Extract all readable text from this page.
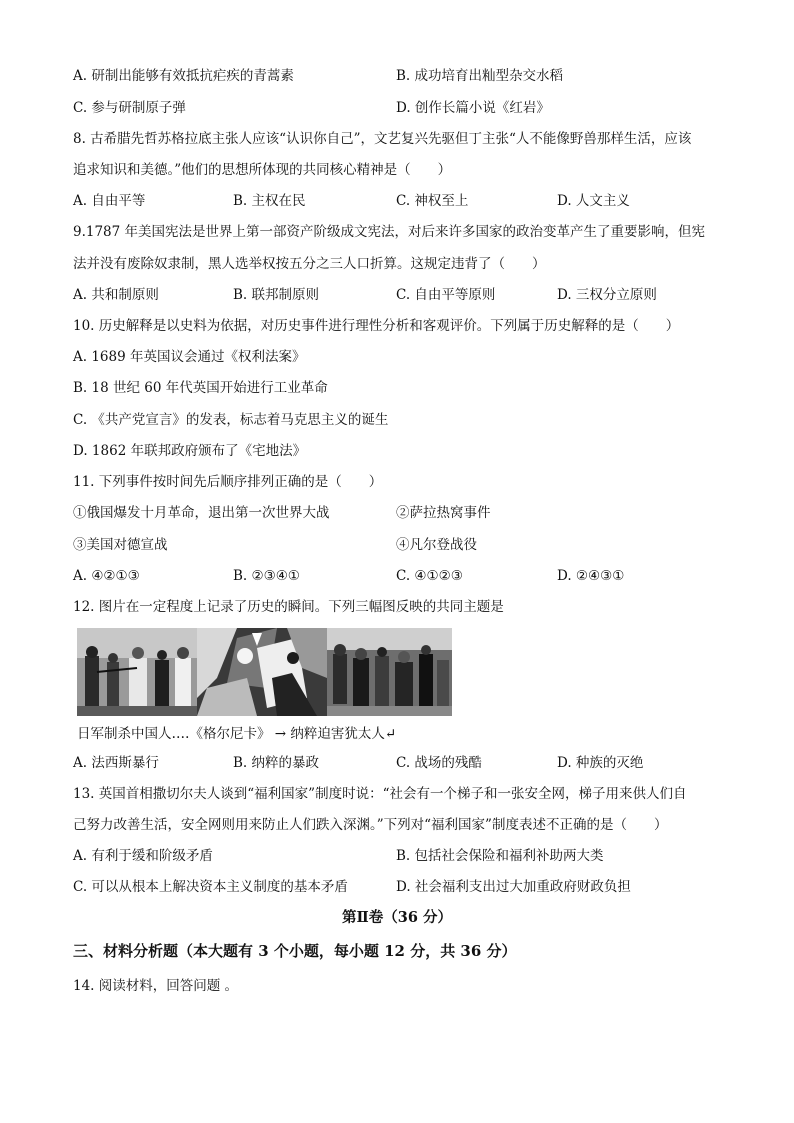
A. 研制出能够有效抵抗疟疾的青蒿素	B. 成功培育出籼型杂交水稻
C. 参与研制原子弹	D. 创作长篇小说《红岩》
8. 古希腊先哲苏格拉底主张人应该“认识你自己”，文艺复兴先驱但丁主张“人不能像野兽那样生活，应该
追求知识和美德。”他们的思想所体现的共同核心精神是（　　）
A. 自由平等	B. 主权在民	C. 神权至上	D. 人文主义
9.1787 年美国宪法是世界上第一部资产阶级成文宪法，对后来许多国家的政治变革产生了重要影响，但宪
法并没有废除奴隶制，黑人选举权按五分之三人口折算。这规定违背了（　　）
A. 共和制原则	B. 联邦制原则	C. 自由平等原则	D. 三权分立原则
10. 历史解释是以史料为依据，对历史事件进行理性分析和客观评价。下列属于历史解释的是（　　）
A. 1689 年英国议会通过《权利法案》
B. 18 世纪 60 年代英国开始进行工业革命
C. 《共产党宣言》的发表，标志着马克思主义的诞生
D. 1862 年联邦政府颁布了《宅地法》
11. 下列事件按时间先后顺序排列正确的是（　　）
①俄国爆发十月革命，退出第一次世界大战	②萨拉热窝事件
③美国对德宣战	④凡尔登战役
A. ④②①③	B. ②③④①	C. ④①②③	D. ②④③①
12. 图片在一定程度上记录了历史的瞬间。下列三幅图反映的共同主题是
日军制杀中国人‥‥《格尔尼卡》 → 纳粹迫害犹太人↵
A. 法西斯暴行	B. 纳粹的暴政	C. 战场的残酷	D. 种族的灭绝
13. 英国首相撒切尔夫人谈到“福利国家”制度时说：“社会有一个梯子和一张安全网，梯子用来供人们自
己努力改善生活，安全网则用来防止人们跌入深渊。”下列对“福利国家”制度表述不正确的是（　　）
A. 有利于缓和阶级矛盾	B. 包括社会保险和福利补助两大类
C. 可以从根本上解决资本主义制度的基本矛盾	D. 社会福利支出过大加重政府财政负担
第Ⅱ卷（36 分）
三、材料分析题（本大题有 3 个小题，每小题 12 分，共 36 分）
14. 阅读材料，回答问题 。
